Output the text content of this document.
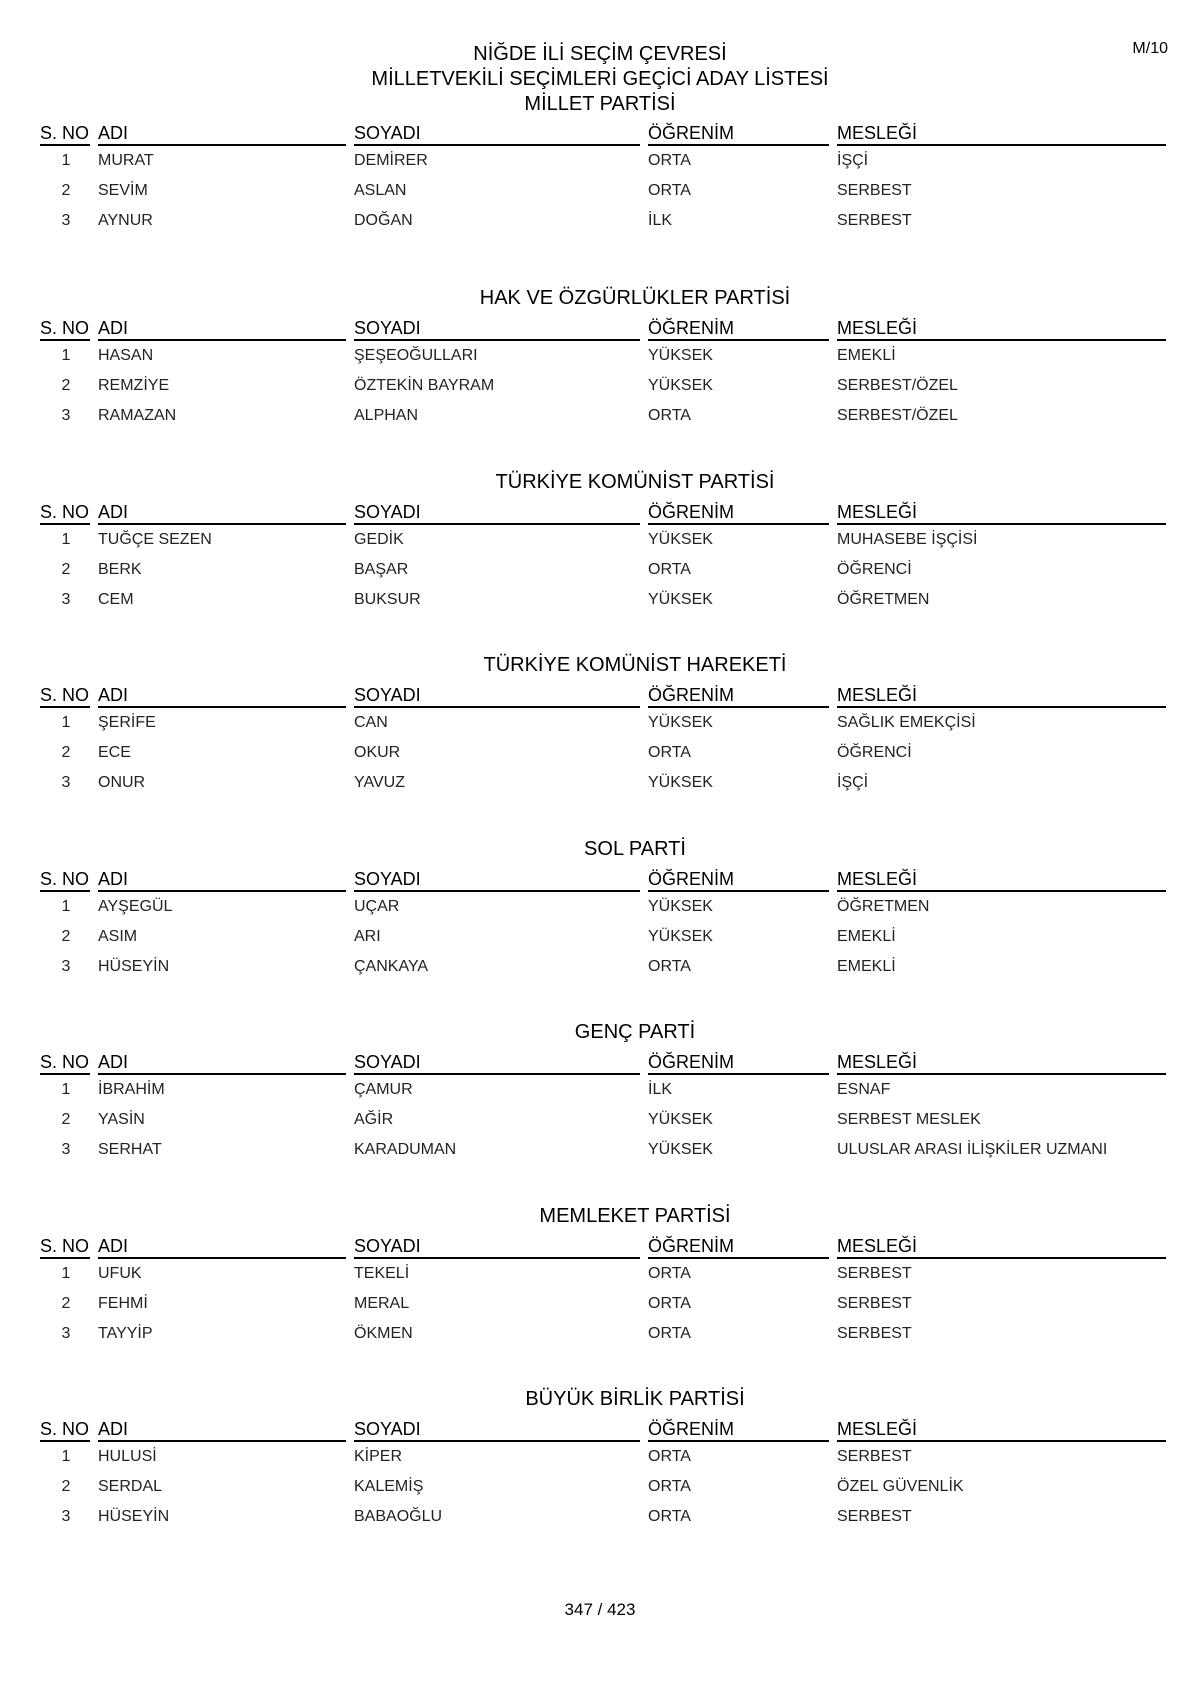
M/10
NİĞDE İLİ SEÇİM ÇEVRESİ
MİLLETVEKİLİ SEÇİMLERİ GEÇİCİ ADAY LİSTESİ
MİLLET PARTİSİ
S. NO	ADI	SOYADI	ÖĞRENİM	MESLEĞİ
1	MURAT	DEMİRER	ORTA	İŞÇİ
2	SEVİM	ASLAN	ORTA	SERBEST
3	AYNUR	DOĞAN	İLK	SERBEST
HAK VE ÖZGÜRLÜKLER PARTİSİ
S. NO	ADI	SOYADI	ÖĞRENİM	MESLEĞİ
1	HASAN	ŞEŞEOĞULLARI	YÜKSEK	EMEKLİ
2	REMZİYE	ÖZTEKİN BAYRAM	YÜKSEK	SERBEST/ÖZEL
3	RAMAZAN	ALPHAN	ORTA	SERBEST/ÖZEL
TÜRKİYE KOMÜNİST PARTİSİ
S. NO	ADI	SOYADI	ÖĞRENİM	MESLEĞİ
1	TUĞÇE SEZEN	GEDİK	YÜKSEK	MUHASEBE İŞÇİSİ
2	BERK	BAŞAR	ORTA	ÖĞRENCİ
3	CEM	BUKSUR	YÜKSEK	ÖĞRETMEN
TÜRKİYE KOMÜNİST HAREKETİ
S. NO	ADI	SOYADI	ÖĞRENİM	MESLEĞİ
1	ŞERİFE	CAN	YÜKSEK	SAĞLIK EMEKÇİSİ
2	ECE	OKUR	ORTA	ÖĞRENCİ
3	ONUR	YAVUZ	YÜKSEK	İŞÇİ
SOL PARTİ
S. NO	ADI	SOYADI	ÖĞRENİM	MESLEĞİ
1	AYŞEGÜL	UÇAR	YÜKSEK	ÖĞRETMEN
2	ASIM	ARI	YÜKSEK	EMEKLİ
3	HÜSEYİN	ÇANKAYA	ORTA	EMEKLİ
GENÇ PARTİ
S. NO	ADI	SOYADI	ÖĞRENİM	MESLEĞİ
1	İBRAHİM	ÇAMUR	İLK	ESNAF
2	YASİN	AĞİR	YÜKSEK	SERBEST MESLEK
3	SERHAT	KARADUMAN	YÜKSEK	ULUSLAR ARASI İLİŞKİLER UZMANI
MEMLEKET PARTİSİ
S. NO	ADI	SOYADI	ÖĞRENİM	MESLEĞİ
1	UFUK	TEKELİ	ORTA	SERBEST
2	FEHMİ	MERAL	ORTA	SERBEST
3	TAYYİP	ÖKMEN	ORTA	SERBEST
BÜYÜK BİRLİK PARTİSİ
S. NO	ADI	SOYADI	ÖĞRENİM	MESLEĞİ
1	HULUSİ	KİPER	ORTA	SERBEST
2	SERDAL	KALEMİŞ	ORTA	ÖZEL GÜVENLİK
3	HÜSEYİN	BABAOĞLU	ORTA	SERBEST
347 / 423
